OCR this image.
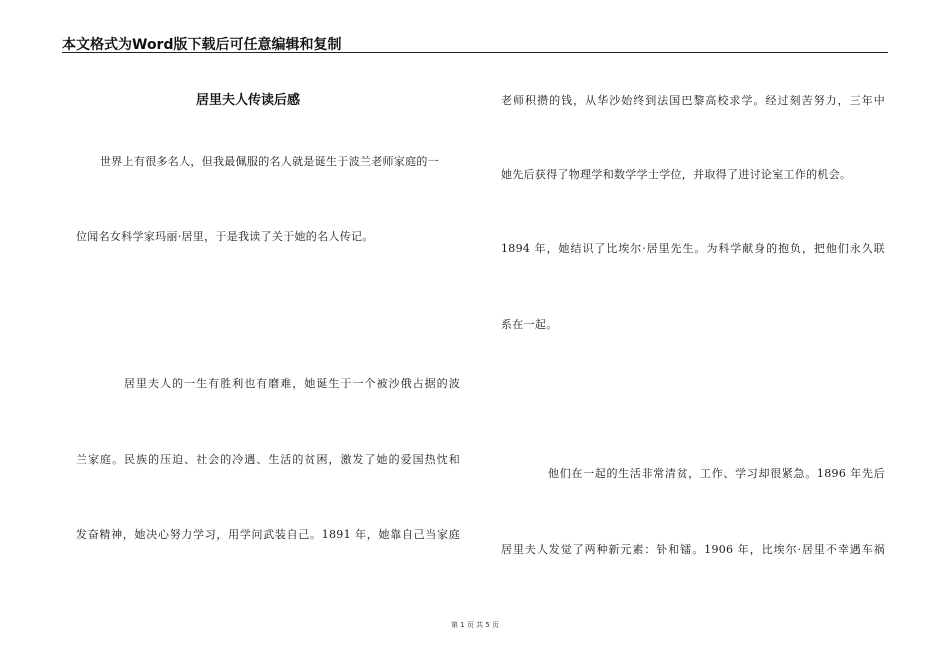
本文格式为Word版下载后可任意编辑和复制
居里夫人传读后感
世界上有很多名人，但我最佩服的名人就是诞生于波兰老师家庭的一
位闻名女科学家玛丽·居里，于是我读了关于她的名人传记。
居里夫人的一生有胜利也有磨难，她诞生于一个被沙俄占据的波
兰家庭。民族的压迫、社会的冷遇、生活的贫困，激发了她的爱国热忱和
发奋精神，她决心努力学习，用学问武装自己。1891 年，她靠自己当家庭
老师积攒的钱，从华沙始终到法国巴黎高校求学。经过刻苦努力，三年中
她先后获得了物理学和数学学士学位，并取得了进讨论室工作的机会。
1894 年，她结识了比埃尔·居里先生。为科学献身的抱负，把他们永久联
系在一起。
他们在一起的生活非常清贫，工作、学习却很紧急。1896 年先后
居里夫人发觉了两种新元素：钋和镭。1906 年，比埃尔·居里不幸遇车祸
第 1 页 共 5 页
